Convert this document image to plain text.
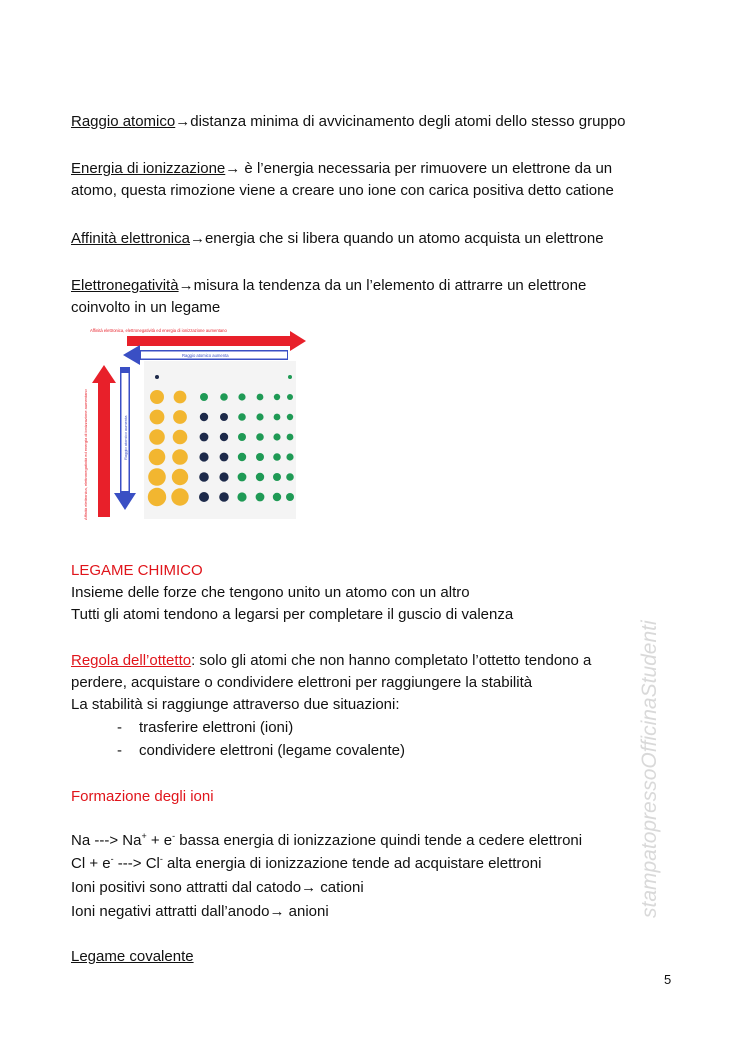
Raggio atomico→distanza minima di avvicinamento degli atomi dello stesso gruppo
Energia di ionizzazione→ è l’energia necessaria per rimuovere un elettrone da un
atomo, questa rimozione viene a creare uno ione con carica positiva detto catione
Affinità elettronica→energia che si libera quando un atomo acquista un elettrone
Elettronegatività→misura la tendenza da un l’elemento di attrarre un elettrone
coinvolto in un legame
Affinità elettronica, elettronegatività ed energia di ionizzazione aumentano
Raggio atomico aumenta
Affinità elettronica, elettronegatività ed energia di ionizzazione aumentano	Raggio atomico aumenta
LEGAME CHIMICO
Insieme delle forze che tengono unito un atomo con un altro
Tutti gli atomi tendono a legarsi per completare il guscio di valenza
Regola dell’ottetto: solo gli atomi che non hanno completato l’ottetto tendono a
perdere, acquistare o condividere elettroni per raggiungere la stabilità
La stabilità si raggiunge attraverso due situazioni:
- trasferire elettroni (ioni)
- condividere elettroni (legame covalente)
Formazione degli ioni
Na ---> Na+ + e- bassa energia di ionizzazione quindi tende a cedere elettroni
Cl + e- ---> Cl- alta energia di ionizzazione tende ad acquistare elettroni
Ioni positivi sono attratti dal catodo→ cationi
Ioni negativi attratti dall’anodo→ anioni
Legame covalente
stampatopressoOfficinaStudenti
5
